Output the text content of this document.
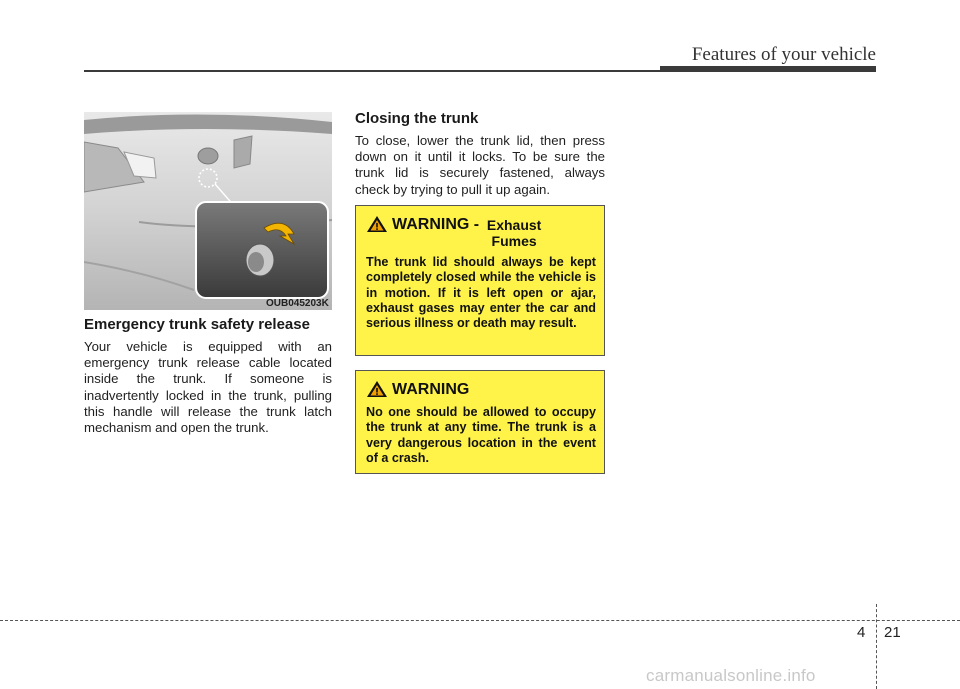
Features of your vehicle
OUB045203K
Emergency trunk safety release

Your vehicle is equipped with an emergency trunk release cable located inside the trunk. If someone is inadvertently locked in the trunk, pulling this handle will release the trunk latch mechanism and open the trunk.

Closing the trunk

To close, lower the trunk lid, then press down on it until it locks. To be sure the trunk lid is securely fastened, always check by trying to pull it up again.

WARNING - Exhaust Fumes

The trunk lid should always be kept completely closed while the vehicle is in motion. If it is left open or ajar, exhaust gases may enter the car and serious illness or death may result.

WARNING

No one should be allowed to occupy the trunk at any time. The trunk is a very dangerous location in the event of a crash.

4 21
carmanualsonline.info
